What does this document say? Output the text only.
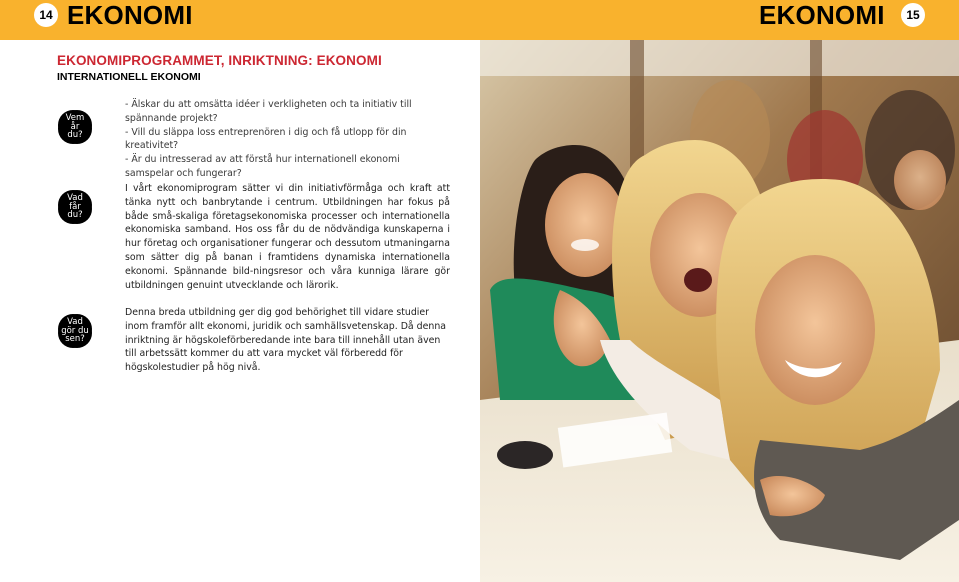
14 EKONOMI	EKONOMI	15
EKONOMIPROGRAMMET, INRIKTNING: EKONOMI
INTERNATIONELL EKONOMI
Vem
år
du?

- Älskar du att omsätta idéer i verkligheten och ta initiativ till spännande projekt?

- Vill du släppa loss entreprenören i dig och få utlopp för din kreativitet?

- Är du intresserad av att förstå hur internationell ekonomi samspelar och fungerar?

Vad
får
du?
I vårt ekonomiprogram sätter vi din initiativförmåga och kraft att tänka nytt och banbrytande i centrum. Utbildningen har fokus på både små-skaliga företagsekonomiska processer och internationella ekonomiska samband. Hos oss får du de nödvändiga kunskaperna i hur företag och organisationer fungerar och dessutom utmaningarna som sätter dig på banan i framtidens dynamiska internationella ekonomi. Spännande bild-ningsresor och våra kunniga lärare gör utbildningen genuint utvecklande och lärorik.
Vad
gör du
sen?
Denna breda utbildning ger dig god behörighet till vidare studier inom framför allt ekonomi, juridik och samhällsvetenskap. Då denna inriktning är högskoleförberedande inte bara till innehåll utan även till arbetssätt kommer du att vara mycket väl förberedd för högskolestudier på hög nivå.
